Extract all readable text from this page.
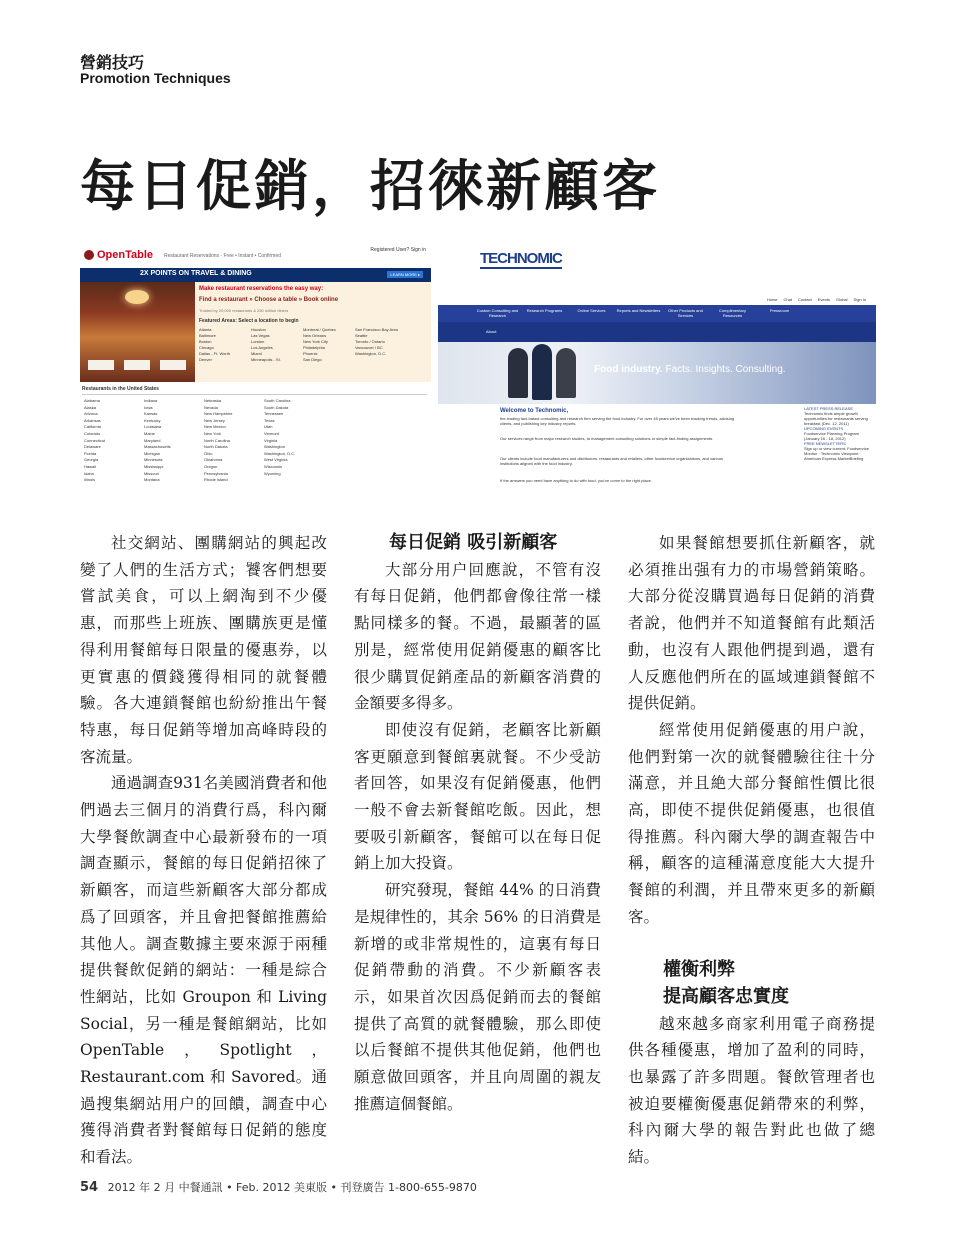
營銷技巧
Promotion Techniques
每日促銷，招徠新顧客
OpenTable Restaurant Reservations - Free • Instant • Confirmed
Registered User? Sign in
2X POINTS ON TRAVEL & DINING	LEARN MORE ▸
Make restaurant reservations the easy way:
Find a restaurant » Choose a table » Book online
Trusted by 20,000 restaurants & 250 million diners
Featured Areas: Select a location to begin
Atlanta	Houston	Montreal / Quebec	San Francisco Bay Area
Baltimore	Las Vegas	New Orleans	Seattle
Boston	London	New York City	Toronto / Ontario
Chicago	Los Angeles	Philadelphia	Vancouver / BC
Dallas - Ft. Worth	Miami	Phoenix	Washington, D.C.
Denver	Minneapolis - St.	San Diego
Restaurants in the United States
Alabama	Indiana	Nebraska	South Carolina
Alaska	Iowa	Nevada	South Dakota
Arizona	Kansas	New Hampshire	Tennessee
Arkansas	Kentucky	New Jersey	Texas
California	Louisiana	New Mexico	Utah
Colorado	Maine	New York	Vermont
Connecticut	Maryland	North Carolina	Virginia
Delaware	Massachusetts	North Dakota	Washington
Florida	Michigan	Ohio	Washington, D.C.
Georgia	Minnesota	Oklahoma	West Virginia
Hawaii	Mississippi	Oregon	Wisconsin
Idaho	Missouri	Pennsylvania	Wyoming
Illinois	Montana	Rhode Island
TECHNOMIC
Home Chat Contact Events Global Sign In
Custom Consulting and Research
Research Programs	Online Services	Reports and Newsletters	Other Products and Services
Complimentary Resources
Pressroom
About
Food industry. Facts. Insights. Consulting.
Welcome to Technomic,
the leading fact-based consulting and research firm serving the food industry. For over 45 years we've been tracking trends, advising clients, and publishing key industry reports.
Our services range from major research studies, to management consulting solutions or simple fact-finding assignments.
Our clients include food manufacturers and distributors, restaurants and retailers, other foodservice organizations, and various institutions aligned with the food industry.
If the answers you need have anything to do with food, you've come to the right place.
LATEST PRESS RELEASE
Technomic finds ample growth opportunities for restaurants serving breakfast (Dec. 12, 2011)
UPCOMING EVENTS
Foodservice Planning Program (January 16 - 18, 2012)
FREE NEWSLETTERS
Sign up or view current: Foodservice Monitor · Technomic Viewpoint · American Express MarketBriefing

社交網站、團購網站的興起改變了人們的生活方式；饕客們想要嘗試美食，可以上網淘到不少優惠，而那些上班族、團購族更是懂得利用餐館每日限量的優惠券，以更實惠的價錢獲得相同的就餐體驗。各大連鎖餐館也紛紛推出午餐特惠，每日促銷等增加高峰時段的客流量。

通過調查931名美國消費者和他們過去三個月的消費行爲，科內爾大學餐飲調查中心最新發布的一項調查顯示，餐館的每日促銷招徠了新顧客，而這些新顧客大部分都成爲了回頭客，并且會把餐館推薦給其他人。調查數據主要來源于兩種提供餐飲促銷的網站：一種是綜合性網站，比如 Groupon 和 Living Social，另一種是餐館網站，比如 OpenTable，Spotlight，Restaurant.com 和 Savored。通過搜集網站用户的回饋，調查中心獲得消費者對餐館每日促銷的態度和看法。

每日促銷 吸引新顧客

大部分用户回應說，不管有沒有每日促銷，他們都會像往常一樣點同樣多的餐。不過，最顯著的區別是，經常使用促銷優惠的顧客比很少購買促銷產品的新顧客消費的金額要多得多。

即使沒有促銷，老顧客比新顧客更願意到餐館裏就餐。不少受訪者回答，如果沒有促銷優惠，他們一般不會去新餐館吃飯。因此，想要吸引新顧客，餐館可以在每日促銷上加大投資。

研究發現，餐館 44% 的日消費是規律性的，其余 56% 的日消費是新增的或非常規性的，這裏有每日促銷帶動的消費。不少新顧客表示，如果首次因爲促銷而去的餐館提供了高質的就餐體驗，那么即使以后餐館不提供其他促銷，他們也願意做回頭客，并且向周圍的親友推薦這個餐館。

如果餐館想要抓住新顧客，就必須推出强有力的市場營銷策略。大部分從沒購買過每日促銷的消費者說，他們并不知道餐館有此類活動，也沒有人跟他們提到過，還有人反應他們所在的區域連鎖餐館不提供促銷。

經常使用促銷優惠的用户說，他們對第一次的就餐體驗往往十分滿意，并且絶大部分餐館性價比很高，即使不提供促銷優惠，也很值得推薦。科內爾大學的調查報告中稱，顧客的這種滿意度能大大提升餐館的利潤，并且帶來更多的新顧客。

權衡利弊

提高顧客忠實度

越來越多商家利用電子商務提供各種優惠，增加了盈利的同時，也暴露了許多問題。餐飲管理者也被迫要權衡優惠促銷帶來的利弊，科內爾大學的報告對此也做了總結。

54 2012 年 2 月 中餐通訊 • Feb. 2012 美東版 • 刊登廣告 1-800-655-9870
